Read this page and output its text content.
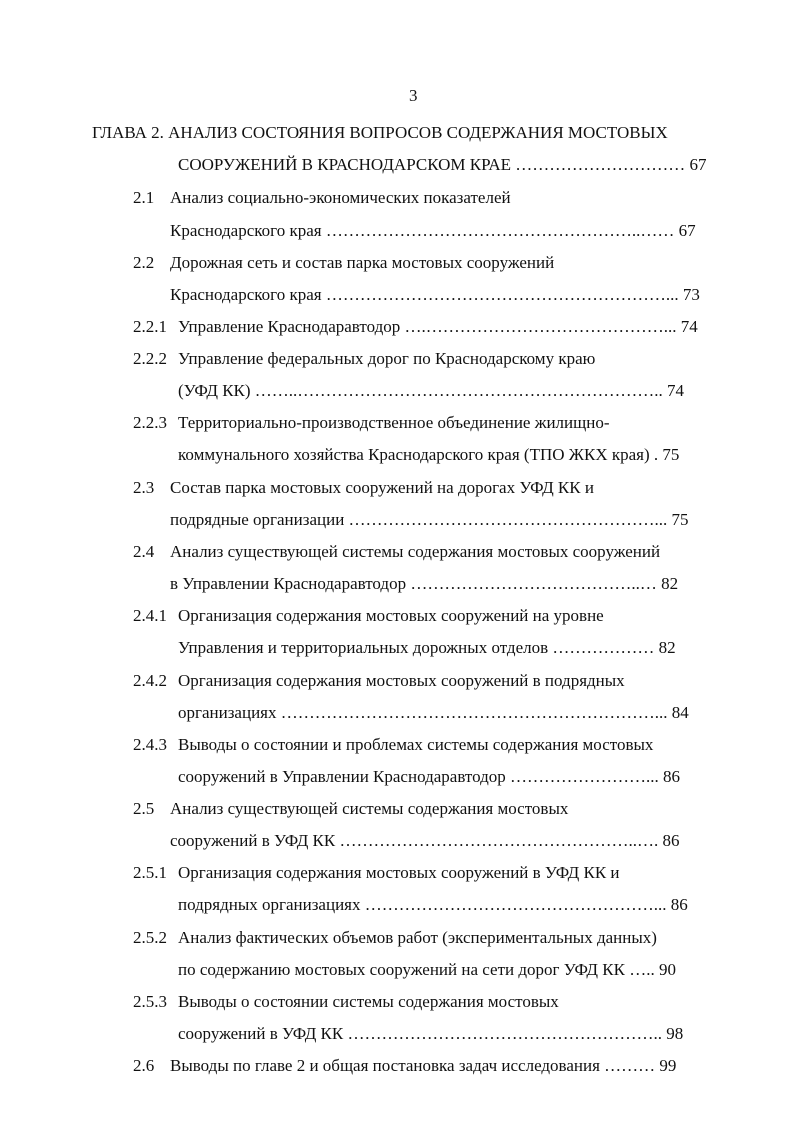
3
ГЛАВА 2. АНАЛИЗ СОСТОЯНИЯ ВОПРОСОВ СОДЕРЖАНИЯ МОСТОВЫХ
СООРУЖЕНИЙ В КРАСНОДАРСКОМ КРАЕ ………………………… 67
2.1 Анализ социально-экономических показателей
Краснодарского края ………………………………………………..…… 67
2.2 Дорожная сеть и состав парка мостовых сооружений
Краснодарского края ……………………………………………………... 73
2.2.1 Управление Краснодаравтодор ….……………………………………... 74
2.2.2 Управление федеральных дорог по Краснодарскому краю
(УФД КК) ……..……………………………………………………….. 74
2.2.3 Территориально-производственное объединение жилищно-
коммунального хозяйства Краснодарского края (ТПО ЖКХ края) . 75
2.3 Состав парка мостовых сооружений на дорогах УФД КК и
подрядные организации ………………………………………………... 75
2.4 Анализ существующей системы содержания мостовых сооружений
в Управлении Краснодаравтодор …………………………………..… 82
2.4.1 Организация содержания мостовых сооружений на уровне
Управления и территориальных дорожных отделов ……………… 82
2.4.2 Организация содержания мостовых сооружений в подрядных
организациях …………………………………………………………... 84
2.4.3 Выводы о состоянии и проблемах системы содержания мостовых
сооружений в Управлении Краснодаравтодор ……………………... 86
2.5 Анализ существующей системы содержания мостовых
сооружений в УФД КК ……………………………………………..…. 86
2.5.1 Организация содержания мостовых сооружений в УФД КК и
подрядных организациях ……………………………………………... 86
2.5.2 Анализ фактических объемов работ (экспериментальных данных)
по содержанию мостовых сооружений на сети дорог УФД КК ….. 90
2.5.3 Выводы о состоянии системы содержания мостовых
сооружений в УФД КК ……………………………………………….. 98
2.6 Выводы по главе 2 и общая постановка задач исследования ……… 99
